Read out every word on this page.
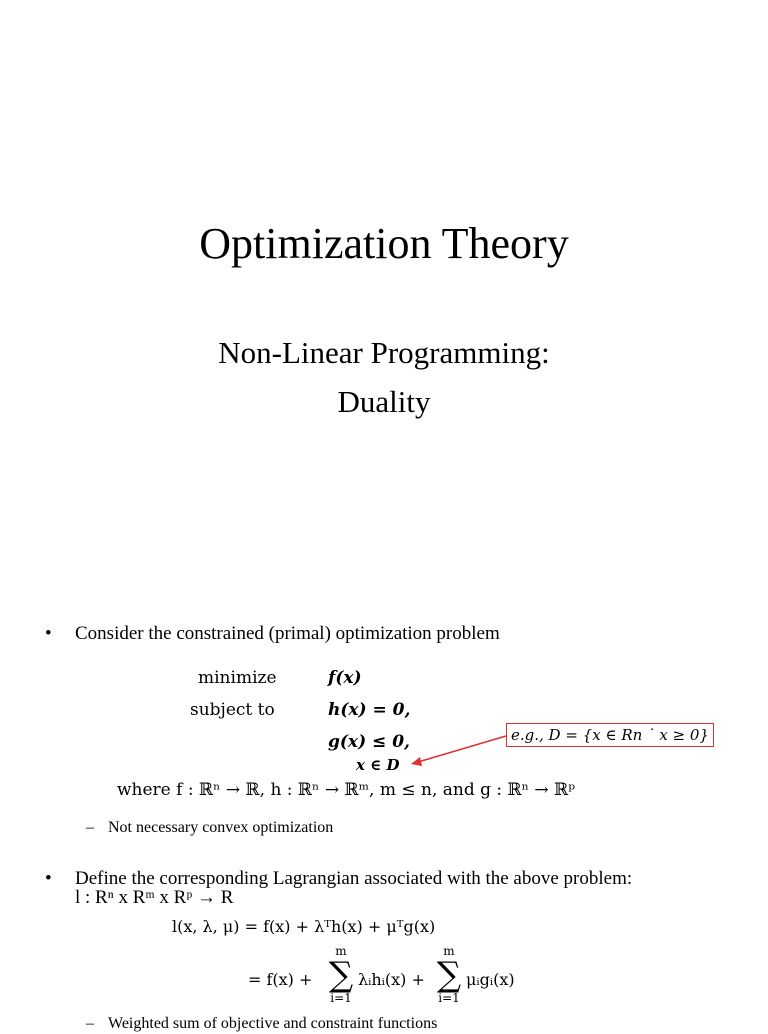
Optimization Theory
Non-Linear Programming:
Duality
• Consider the constrained (primal) optimization problem
minimize	f(x)
subject to	h(x) = 0,
g(x) ≤ 0,
x ∈ D
e.g., D = {x ∈ Rn ˙ x ≥ 0}
where f : ℝⁿ → ℝ, h : ℝⁿ → ℝᵐ, m ≤ n, and g : ℝⁿ → ℝᵖ
– Not necessary convex optimization
• Define the corresponding Lagrangian associated with the above problem:
l : Rⁿ x Rᵐ x Rᵖ → R
l(x, λ, μ) = f(x) + λᵀh(x) + μᵀg(x)
= f(x) +
m
∑
i=1
λᵢhᵢ(x) +
m
∑
i=1
μᵢgᵢ(x)
– Weighted sum of objective and constraint functions
